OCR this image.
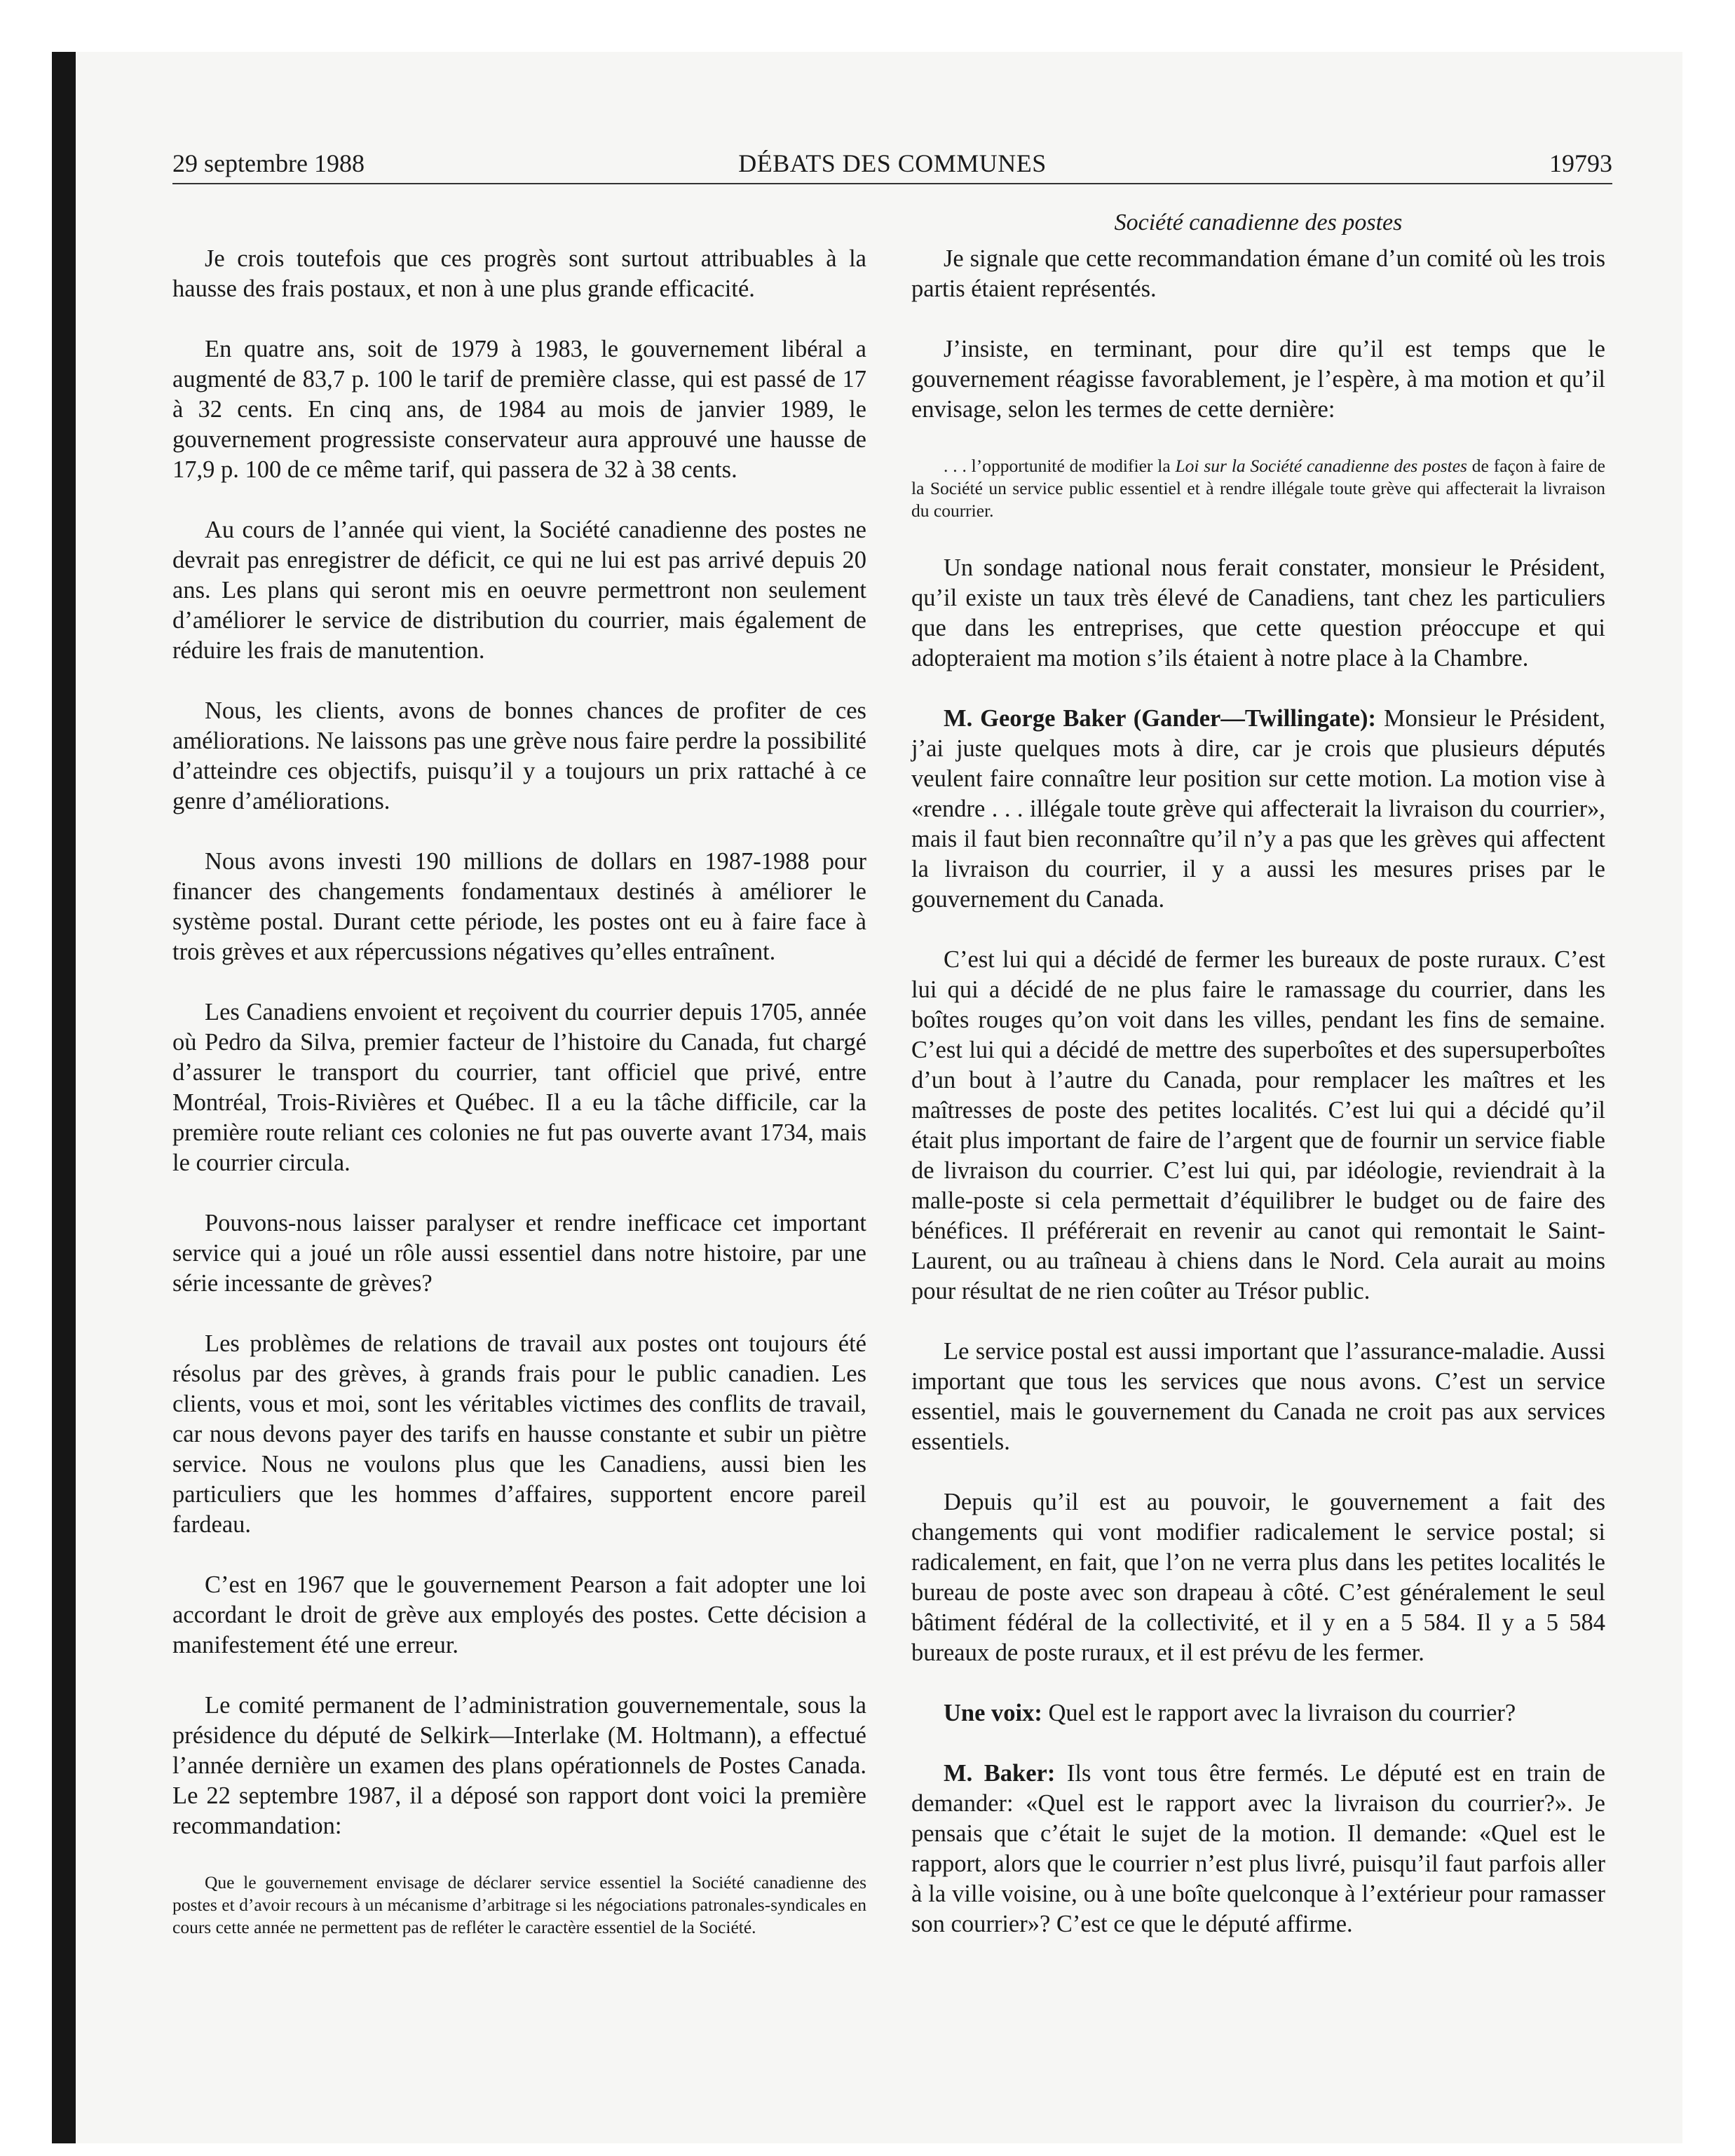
29 septembre 1988	DÉBATS DES COMMUNES	19793

Je crois toutefois que ces progrès sont surtout attribuables à la hausse des frais postaux, et non à une plus grande efficacité.

En quatre ans, soit de 1979 à 1983, le gouvernement libéral a augmenté de 83,7 p. 100 le tarif de première classe, qui est passé de 17 à 32 cents. En cinq ans, de 1984 au mois de janvier 1989, le gouvernement progressiste conservateur aura approuvé une hausse de 17,9 p. 100 de ce même tarif, qui passera de 32 à 38 cents.

Au cours de l’année qui vient, la Société canadienne des postes ne devrait pas enregistrer de déficit, ce qui ne lui est pas arrivé depuis 20 ans. Les plans qui seront mis en oeuvre permettront non seulement d’améliorer le service de distribution du courrier, mais également de réduire les frais de manutention.

Nous, les clients, avons de bonnes chances de profiter de ces améliorations. Ne laissons pas une grève nous faire perdre la possibilité d’atteindre ces objectifs, puisqu’il y a toujours un prix rattaché à ce genre d’améliorations.

Nous avons investi 190 millions de dollars en 1987-1988 pour financer des changements fondamentaux destinés à améliorer le système postal. Durant cette période, les postes ont eu à faire face à trois grèves et aux répercussions négatives qu’elles entraînent.

Les Canadiens envoient et reçoivent du courrier depuis 1705, année où Pedro da Silva, premier facteur de l’histoire du Canada, fut chargé d’assurer le transport du courrier, tant officiel que privé, entre Montréal, Trois-Rivières et Québec. Il a eu la tâche difficile, car la première route reliant ces colonies ne fut pas ouverte avant 1734, mais le courrier circula.

Pouvons-nous laisser paralyser et rendre inefficace cet important service qui a joué un rôle aussi essentiel dans notre histoire, par une série incessante de grèves?

Les problèmes de relations de travail aux postes ont toujours été résolus par des grèves, à grands frais pour le public canadien. Les clients, vous et moi, sont les véritables victimes des conflits de travail, car nous devons payer des tarifs en hausse constante et subir un piètre service. Nous ne voulons plus que les Canadiens, aussi bien les particuliers que les hommes d’affaires, supportent encore pareil fardeau.

C’est en 1967 que le gouvernement Pearson a fait adopter une loi accordant le droit de grève aux employés des postes. Cette décision a manifestement été une erreur.

Le comité permanent de l’administration gouvernementale, sous la présidence du député de Selkirk—Interlake (M. Holtmann), a effectué l’année dernière un examen des plans opérationnels de Postes Canada. Le 22 septembre 1987, il a déposé son rapport dont voici la première recommandation:

Que le gouvernement envisage de déclarer service essentiel la Société canadienne des postes et d’avoir recours à un mécanisme d’arbitrage si les négociations patronales-syndicales en cours cette année ne permettent pas de refléter le caractère essentiel de la Société.

Société canadienne des postes

Je signale que cette recommandation émane d’un comité où les trois partis étaient représentés.

J’insiste, en terminant, pour dire qu’il est temps que le gouvernement réagisse favorablement, je l’espère, à ma motion et qu’il envisage, selon les termes de cette dernière:

. . . l’opportunité de modifier la Loi sur la Société canadienne des postes de façon à faire de la Société un service public essentiel et à rendre illégale toute grève qui affecterait la livraison du courrier.

Un sondage national nous ferait constater, monsieur le Président, qu’il existe un taux très élevé de Canadiens, tant chez les particuliers que dans les entreprises, que cette question préoccupe et qui adopteraient ma motion s’ils étaient à notre place à la Chambre.

M. George Baker (Gander—Twillingate): Monsieur le Président, j’ai juste quelques mots à dire, car je crois que plusieurs députés veulent faire connaître leur position sur cette motion. La motion vise à «rendre . . . illégale toute grève qui affecterait la livraison du courrier», mais il faut bien reconnaître qu’il n’y a pas que les grèves qui affectent la livraison du courrier, il y a aussi les mesures prises par le gouvernement du Canada.

C’est lui qui a décidé de fermer les bureaux de poste ruraux. C’est lui qui a décidé de ne plus faire le ramassage du courrier, dans les boîtes rouges qu’on voit dans les villes, pendant les fins de semaine. C’est lui qui a décidé de mettre des superboîtes et des supersuperboîtes d’un bout à l’autre du Canada, pour remplacer les maîtres et les maîtresses de poste des petites localités. C’est lui qui a décidé qu’il était plus important de faire de l’argent que de fournir un service fiable de livraison du courrier. C’est lui qui, par idéologie, reviendrait à la malle-poste si cela permettait d’équilibrer le budget ou de faire des bénéfices. Il préférerait en revenir au canot qui remontait le Saint-Laurent, ou au traîneau à chiens dans le Nord. Cela aurait au moins pour résultat de ne rien coûter au Trésor public.

Le service postal est aussi important que l’assurance-maladie. Aussi important que tous les services que nous avons. C’est un service essentiel, mais le gouvernement du Canada ne croit pas aux services essentiels.

Depuis qu’il est au pouvoir, le gouvernement a fait des changements qui vont modifier radicalement le service postal; si radicalement, en fait, que l’on ne verra plus dans les petites localités le bureau de poste avec son drapeau à côté. C’est généralement le seul bâtiment fédéral de la collectivité, et il y en a 5 584. Il y a 5 584 bureaux de poste ruraux, et il est prévu de les fermer.

Une voix: Quel est le rapport avec la livraison du courrier?

M. Baker: Ils vont tous être fermés. Le député est en train de demander: «Quel est le rapport avec la livraison du courrier?». Je pensais que c’était le sujet de la motion. Il demande: «Quel est le rapport, alors que le courrier n’est plus livré, puisqu’il faut parfois aller à la ville voisine, ou à une boîte quelconque à l’extérieur pour ramasser son courrier»? C’est ce que le député affirme.
